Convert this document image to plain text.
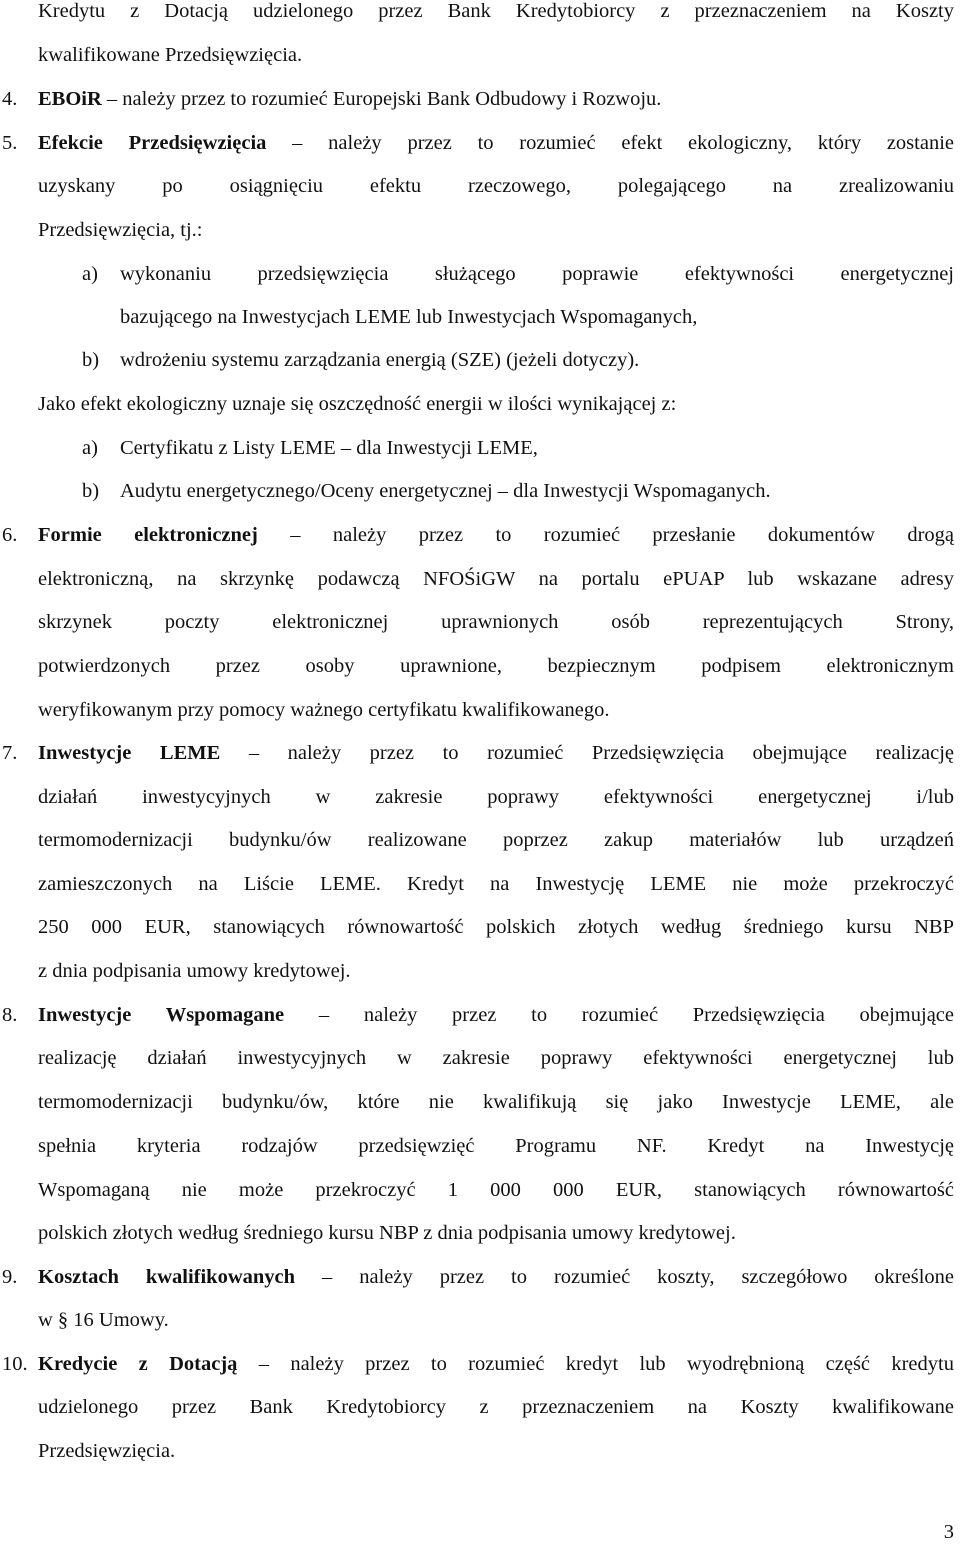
Kredytu z Dotacją udzielonego przez Bank Kredytobiorcy z przeznaczeniem na Koszty
kwalifikowane Przedsięwzięcia.
4.	EBOiR – należy przez to rozumieć Europejski Bank Odbudowy i Rozwoju.
5.	Efekcie Przedsięwzięcia – należy przez to rozumieć efekt ekologiczny, który zostanie
uzyskany po osiągnięciu efektu rzeczowego, polegającego na zrealizowaniu
Przedsięwzięcia, tj.:
a) wykonaniu przedsięwzięcia służącego poprawie efektywności energetycznej
bazującego na Inwestycjach LEME lub Inwestycjach Wspomaganych,
b) wdrożeniu systemu zarządzania energią (SZE) (jeżeli dotyczy).
Jako efekt ekologiczny uznaje się oszczędność energii w ilości wynikającej z:
a) Certyfikatu z Listy LEME – dla Inwestycji LEME,
b) Audytu energetycznego/Oceny energetycznej – dla Inwestycji Wspomaganych.
6.	Formie elektronicznej – należy przez to rozumieć przesłanie dokumentów drogą
elektroniczną, na skrzynkę podawczą NFOŚiGW na portalu ePUAP lub wskazane adresy
skrzynek poczty elektronicznej uprawnionych osób reprezentujących Strony,
potwierdzonych przez osoby uprawnione, bezpiecznym podpisem elektronicznym
weryfikowanym przy pomocy ważnego certyfikatu kwalifikowanego.
7.	Inwestycje LEME – należy przez to rozumieć Przedsięwzięcia obejmujące realizację
działań inwestycyjnych w zakresie poprawy efektywności energetycznej i/lub
termomodernizacji budynku/ów realizowane poprzez zakup materiałów lub urządzeń
zamieszczonych na Liście LEME. Kredyt na Inwestycję LEME nie może przekroczyć
250 000 EUR, stanowiących równowartość polskich złotych według średniego kursu NBP
z dnia podpisania umowy kredytowej.
8.	Inwestycje Wspomagane – należy przez to rozumieć Przedsięwzięcia obejmujące
realizację działań inwestycyjnych w zakresie poprawy efektywności energetycznej lub
termomodernizacji budynku/ów, które nie kwalifikują się jako Inwestycje LEME, ale
spełnia kryteria rodzajów przedsięwzięć Programu NF. Kredyt na Inwestycję
Wspomaganą nie może przekroczyć 1 000 000 EUR, stanowiących równowartość
polskich złotych według średniego kursu NBP z dnia podpisania umowy kredytowej.
9.	Kosztach kwalifikowanych – należy przez to rozumieć koszty, szczegółowo określone
w § 16 Umowy.
10. Kredycie z Dotacją – należy przez to rozumieć kredyt lub wyodrębnioną część kredytu
udzielonego przez Bank Kredytobiorcy z przeznaczeniem na Koszty kwalifikowane
Przedsięwzięcia.
3
